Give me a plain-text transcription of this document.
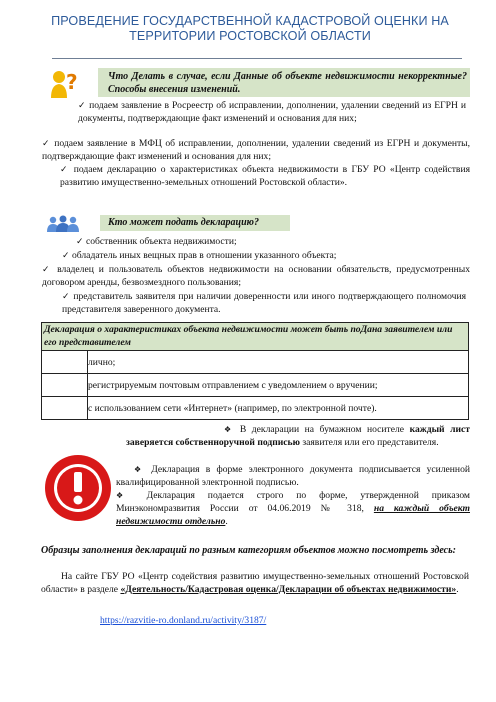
ПРОВЕДЕНИЕ ГОСУДАРСТВЕННОЙ КАДАСТРОВОЙ ОЦЕНКИ НА
ТЕРРИТОРИИ РОСТОВСКОЙ ОБЛАСТИ
?	Что Делать в случае, если Данные об объекте недвижимости некорректные? Способы внесения изменений.
✓ подаем заявление в Росреестр об исправлении, дополнении, удалении сведений из ЕГРН и документы, подтверждающие факт изменений и основания для них;
✓ подаем заявление в МФЦ об исправлении, дополнении, удалении сведений из ЕГРН и документы, подтверждающие факт изменений и основания для них;
✓ подаем декларацию о характеристиках объекта недвижимости в ГБУ РО «Центр содействия развитию имущественно-земельных отношений Ростовской области».
Кто может подать декларацию?
✓ собственник объекта недвижимости;
✓ обладатель иных вещных прав в отношении указанного объекта;
✓ владелец и пользователь объектов недвижимости на основании обязательств, предусмотренных договором аренды, безвозмездного пользования;
✓ представитель заявителя при наличии доверенности или иного подтверждающего полномочия представителя заверенного документа.
Декларация о характеристиках объекта недвижимости может быть поДана заявителем или его представителем	
	лично;
	регистрируемым почтовым отправлением с уведомлением о вручении;
	с использованием сети «Интернет» (например, по электронной почте).
❖ В декларации на бумажном носителе каждый лист заверяется собственноручной подписью заявителя или его представителя.
❖ Декларация в форме электронного документа подписывается усиленной квалифицированной электронной подписью.
❖ Декларация подается строго по форме, утвержденной приказом Минэкономразвития России от 04.06.2019 № 318, на каждый объект недвижимости отдельно.
Образцы заполнения деклараций по разным категориям объектов можно посмотреть здесь:
На сайте ГБУ РО «Центр содействия развитию имущественно-земельных отношений Ростовской области» в разделе «Деятельность/Кадастровая оценка/Декларации об объектах недвижимости».
https://razvitie-ro.donland.ru/activity/3187/
